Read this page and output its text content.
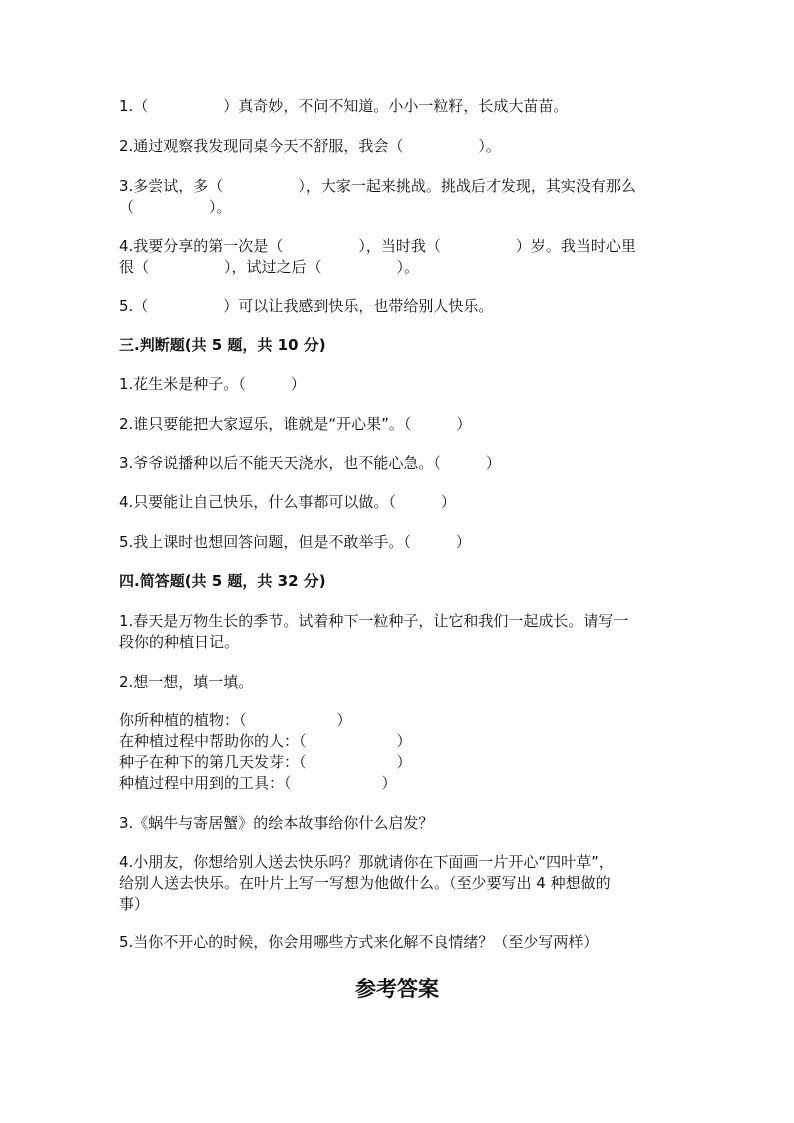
1.（　　　　　）真奇妙，不问不知道。小小一粒籽，长成大苗苗。
2.通过观察我发现同桌今天不舒服，我会（　　　　　）。
3.多尝试，多（　　　　　），大家一起来挑战。挑战后才发现，其实没有那么
（　　　　　）。
4.我要分享的第一次是（　　　　　），当时我（　　　　　）岁。我当时心里
很（　　　　　），试过之后（　　　　　）。
5.（　　　　　）可以让我感到快乐，也带给别人快乐。
三.判断题(共 5 题，共 10 分)
1.花生米是种子。（　　　）
2.谁只要能把大家逗乐，谁就是“开心果”。（　　　）
3.爷爷说播种以后不能天天浇水，也不能心急。（　　　）
4.只要能让自己快乐，什么事都可以做。（　　　）
5.我上课时也想回答问题，但是不敢举手。（　　　）
四.简答题(共 5 题，共 32 分)
1.春天是万物生长的季节。试着种下一粒种子，让它和我们一起成长。请写一
段你的种植日记。
2.想一想，填一填。
你所种植的植物：（　　　　　　）
在种植过程中帮助你的人：（　　　　　　）
种子在种下的第几天发芽：（　　　　　　）
种植过程中用到的工具：（　　　　　　）
3.《蜗牛与寄居蟹》的绘本故事给你什么启发？
4.小朋友，你想给别人送去快乐吗？那就请你在下面画一片开心“四叶草”，
给别人送去快乐。在叶片上写一写想为他做什么。（至少要写出 4 种想做的
事）
5.当你不开心的时候，你会用哪些方式来化解不良情绪？（至少写两样）
参考答案
